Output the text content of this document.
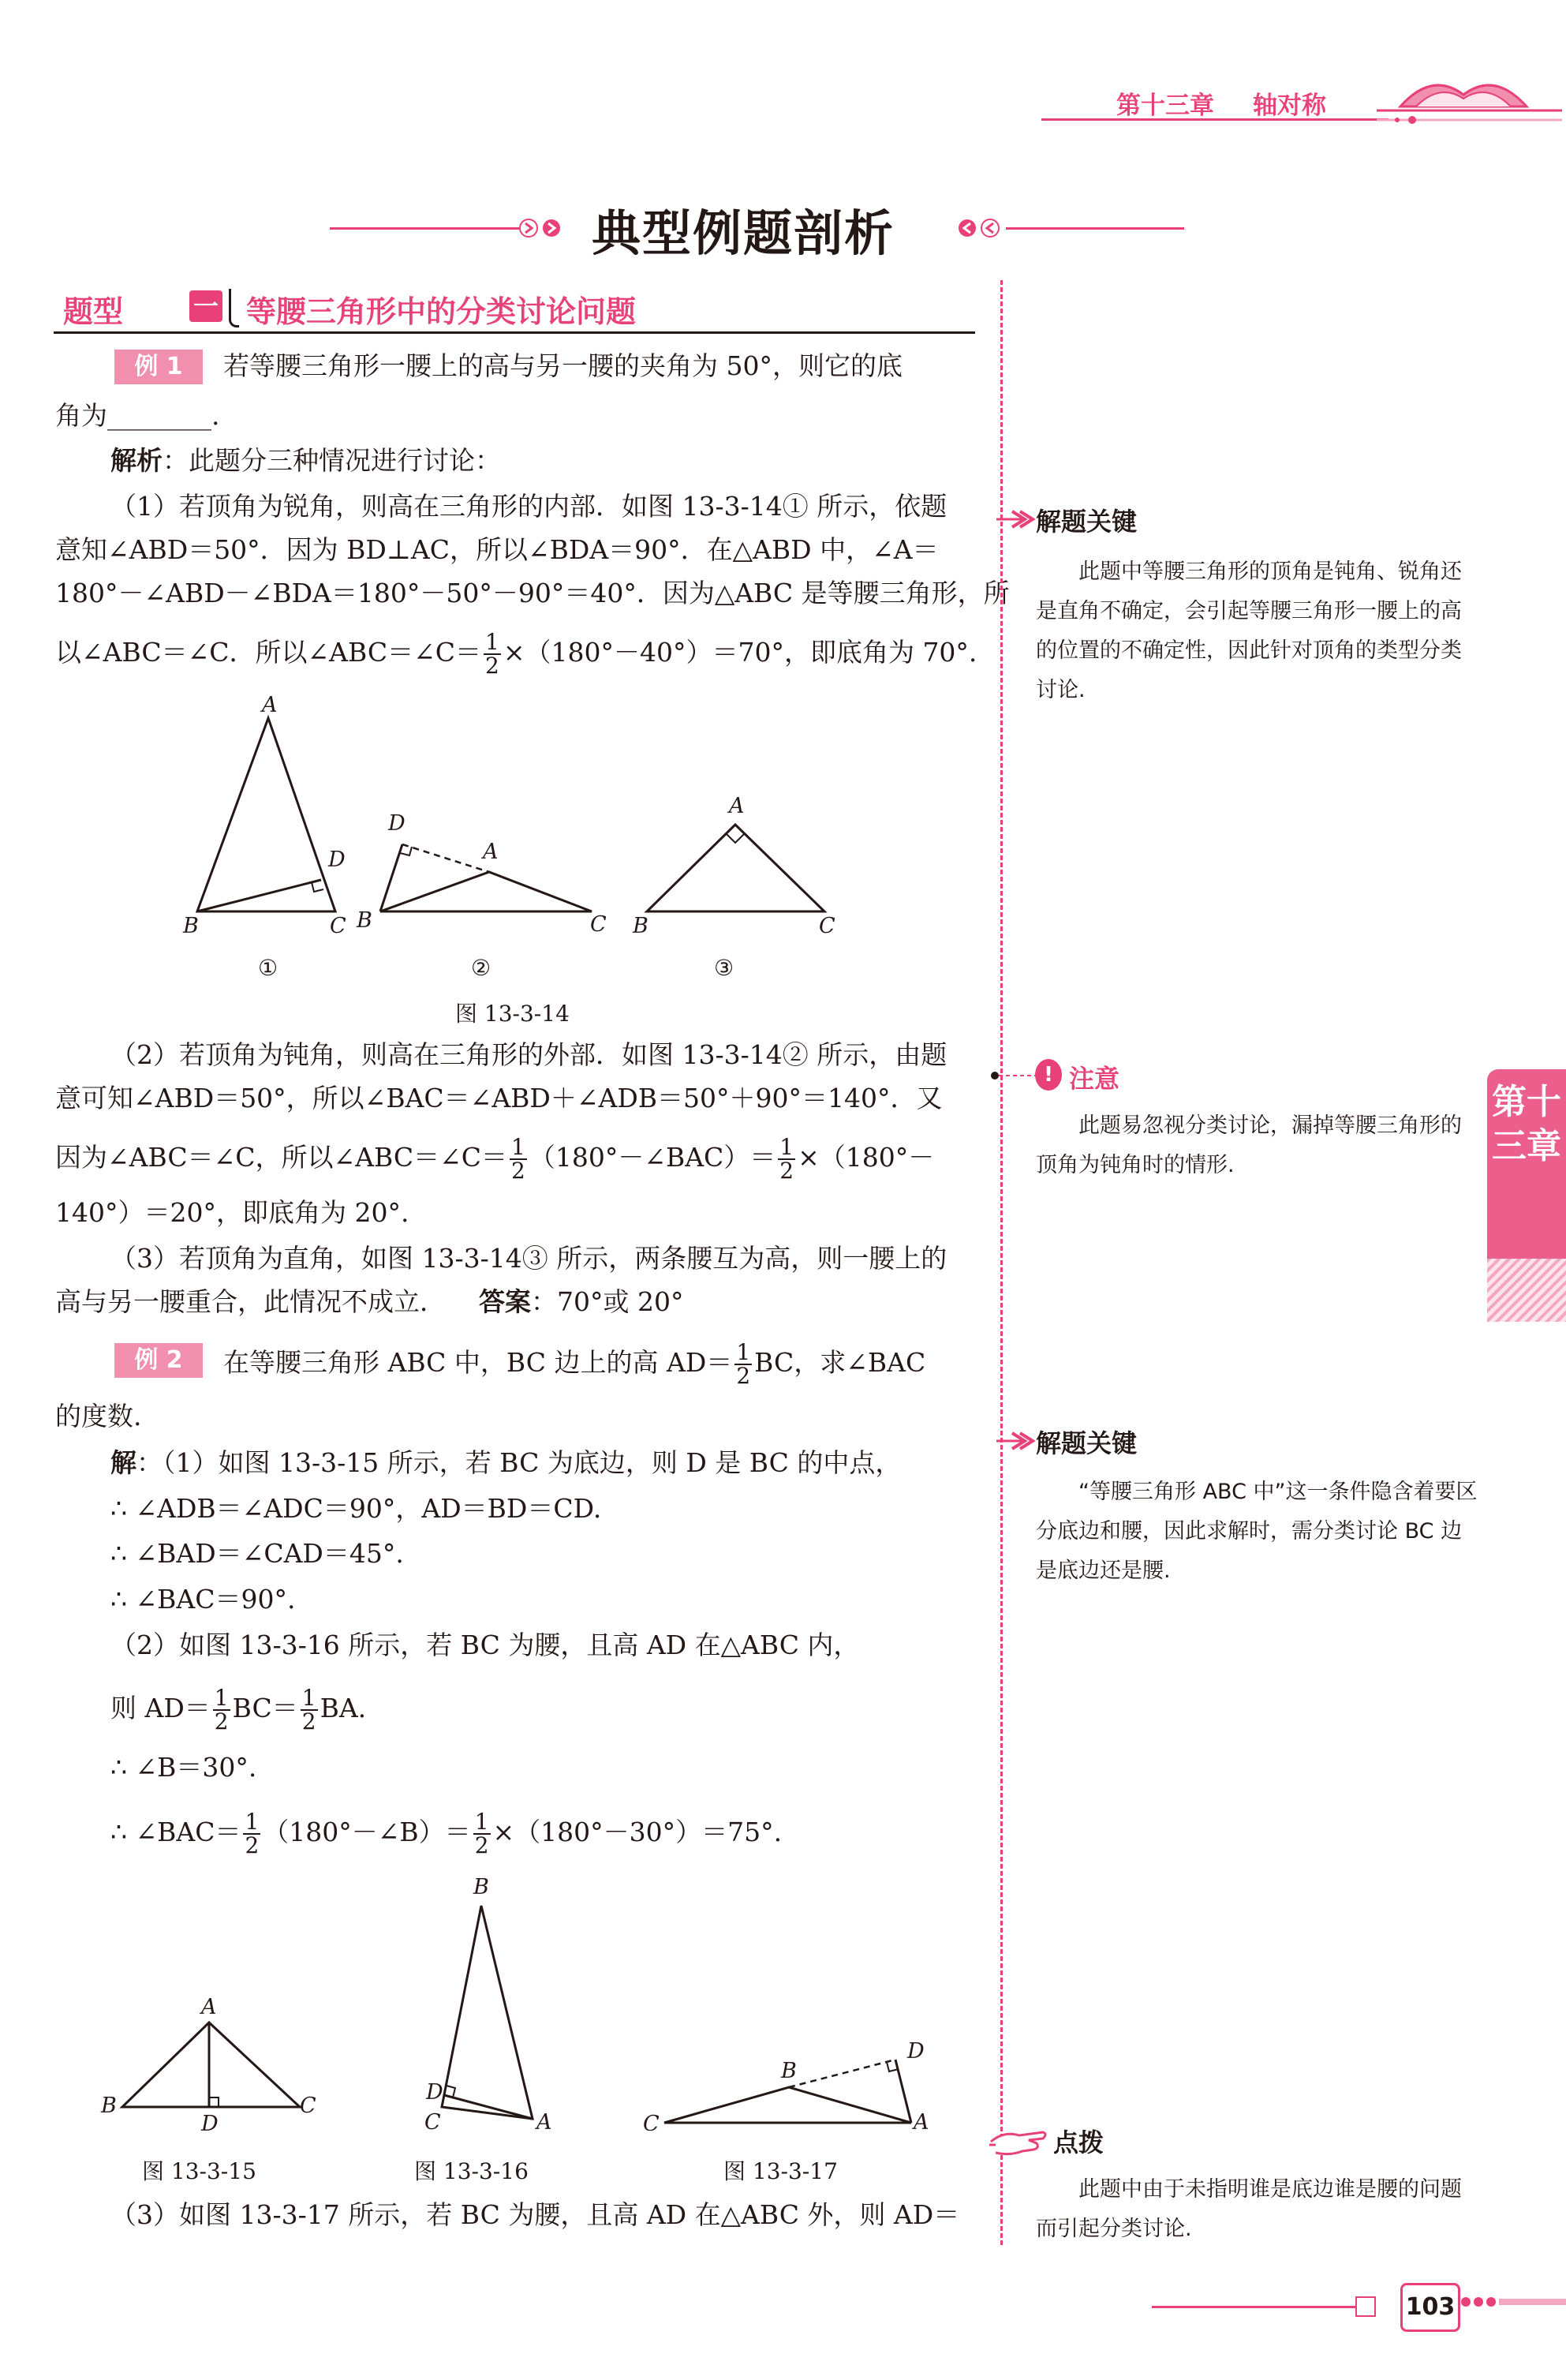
第十三章 轴对称
典型例题剖析
题型	一 等腰三角形中的分类讨论问题
例 1	若等腰三角形一腰上的高与另一腰的夹角为 50°，则它的底
角为________.
解析：此题分三种情况进行讨论：
（1）若顶角为锐角，则高在三角形的内部．如图 13-3-14① 所示，依题
意知∠ABD＝50°．因为 BD⊥AC，所以∠BDA＝90°．在△ABD 中，∠A＝
180°－∠ABD－∠BDA＝180°－50°－90°＝40°．因为△ABC 是等腰三角形，所
以∠ABC＝∠C．所以∠ABC＝∠C＝ $\frac{1}{2} \times(180^\circ-40^\circ)=70^\circ$，即底角为 70°.
A
B	C
D	A
B	C
D
A
B	C
①	②	③
图 13-3-14
（2）若顶角为钝角，则高在三角形的外部．如图 13-3-14② 所示，由题
意可知∠ABD＝50°，所以∠BAC＝∠ABD＋∠ADB＝50°＋90°＝140°．又
因为∠ABC＝∠C，所以∠ABC＝∠C＝ $\frac{1}{2}$ （180°－∠BAC）＝ $\frac{1}{2} \times(180^\circ-$
140°）＝20°，即底角为 20°.
（3）若顶角为直角，如图 13-3-14③ 所示，两条腰互为高，则一腰上的
高与另一腰重合，此情况不成立． 答案：70°或 20°
例 2	在等腰三角形 ABC 中，BC 边上的高 $AD= \frac{1}{2}$ BC，求∠BAC
的度数.
解：（1）如图 13-3-15 所示，若 BC 为底边，则 D 是 BC 的中点，
∴ ∠ADB＝∠ADC＝90°，AD＝BD＝CD.
∴ ∠BAD＝∠CAD＝45°.
∴ ∠BAC＝90°.
（2）如图 13-3-16 所示，若 BC 为腰，且高 AD 在△ABC 内，
则 $AD= \frac{1}{2} BC= \frac{1}{2}$ BA.
∴ ∠B＝30°.
∴ ∠BAC＝ $\frac{1}{2}$ （180°－∠B）＝ $\frac{1}{2} \times(180^\circ-30^\circ)=75^\circ$.
A
B	C
D
B
D
C	A	C
B
D
A
图 13-3-15	图 13-3-16	图 13-3-17
（3）如图 13-3-17 所示，若 BC 为腰，且高 AD 在△ABC 外，则 AD＝
解题关键
此题中等腰三角形的顶角是钝角、锐角还是直角不确定，会引起等腰三角形一腰上的高的位置的不确定性，因此针对顶角的类型分类讨论.
! 注意
此题易忽视分类讨论，漏掉等腰三角形的顶角为钝角时的情形.
解题关键
“等腰三角形 ABC 中”这一条件隐含着要区分底边和腰，因此求解时，需分类讨论 BC 边是底边还是腰.
点拨
此题中由于未指明谁是底边谁是腰的问题而引起分类讨论.
第十三章
103
